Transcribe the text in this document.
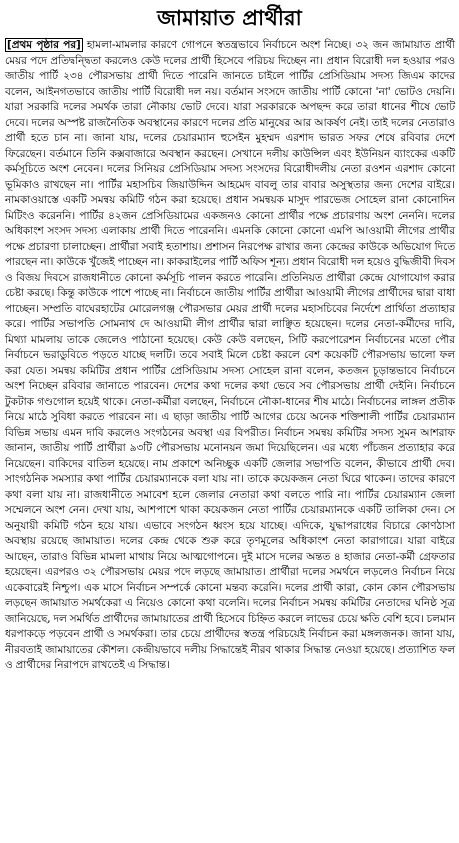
জামায়াত প্রার্থীরা
[প্রথম পৃষ্ঠার পর] হামলা-মামলার কারণে গোপনে স্বতন্ত্রভাবে নির্বাচনে অংশ নিচ্ছে। ৩২ জন জামায়াত প্রার্থী মেয়র পদে প্রতিদ্বন্দ্বিতা করলেও কেউ দলের প্রার্থী হিসেবে পরিচয় দিচ্ছেন না। প্রধান বিরোধী দল হওয়ার পরও জাতীয় পার্টি ২৩৪ পৌরসভায় প্রার্থী দিতে পারেনি জানতে চাইলে পার্টির প্রেসিডিয়াম সদস্য জিএম কাদের বলেন, আইনগতভাবে জাতীয় পার্টি বিরোধী দল নয়। বর্তমান সংসদে জাতীয় পার্টি কোনো 'না' ভোটও দেয়নি। যারা সরকারি দলের সমর্থক তারা নৌকায় ভোট দেবে। যারা সরকারকে অপছন্দ করে তারা ধানের শীষে ভোট দেবে। দলের অস্পষ্ট রাজনৈতিক অবস্থানের কারণে দলের প্রতি মানুষের আর আকর্ষণ নেই। তাই দলের নেতারাও প্রার্থী হতে চান না। জানা যায়, দলের চেয়ারম্যান হুসেইন মুহম্মদ এরশাদ ভারত সফর শেষে রবিবার দেশে ফিরেছেন। বর্তমানে তিনি কক্সবাজারে অবস্থান করছেন। সেখানে দলীয় কাউন্সিল এবং ইউনিয়ন ব্যাংকের একটি কর্মসূচিতে অংশ নেবেন। দলের সিনিয়র প্রেসিডিয়াম সদস্য সংসদের বিরোধীদলীয় নেতা রওশন এরশাদ কোনো ভূমিকাও রাখছেন না। পার্টির মহাসচিব জিয়াউদ্দিন আহমেদ বাবলু তার বাবার অসুস্থতার জন্য দেশের বাইরে। নামকাওয়াস্তে একটি সমন্বয় কমিটি গঠন করা হয়েছে। প্রধান সমন্বয়ক মাসুদ পারভেজ সোহেল রানা কোনোদিন মিটিংও করেননি। পার্টির ৪২জন প্রেসিডিয়ামের একজনও কোনো প্রার্থীর পক্ষে প্রচারণায় অংশ নেননি। দলের অধিকাংশ সংসদ সদস্য এলাকায় প্রার্থী দিতে পারেননি। এমনকি কোনো কোনো এমপি আওয়ামী লীগের প্রার্থীর পক্ষে প্রচারণা চালাচ্ছেন। প্রার্থীরা সবাই হতাশায়। প্রশাসন নিরপেক্ষ রাখার জন্য কেন্দ্রের কাউকে অভিযোগ দিতে পারছেন না। কাউকে খুঁজেই পাচ্ছেন না। কাকরাইলের পার্টি অফিস শূন্য। প্রধান বিরোধী দল হয়েও বুদ্ধিজীবী দিবস ও বিজয় দিবসে রাজধানীতে কোনো কর্মসূচি পালন করতে পারেনি। প্রতিনিয়ত প্রার্থীরা কেন্দ্রে যোগাযোগ করার চেষ্টা করছে। কিন্তু কাউকে পাশে পাচ্ছে না। নির্বাচনে জাতীয় পার্টির প্রার্থীরা আওয়ামী লীগের প্রার্থীদের দ্বারা বাধা পাচ্ছেন। সম্প্রতি বাঘেরহাটের মোরেলগঞ্জ পৌরসভার মেয়র প্রার্থী দলের মহাসচিবের নির্দেশে প্রার্থিতা প্রত্যাহার করে। পার্টির সভাপতি সোমনাথ দে আওয়ামী লীগ প্রার্থীর দ্বারা লাঞ্ছিত হয়েছেন। দলের নেতা-কর্মীদের দাবি, মিথ্যা মামলায় তাকে জেলেও পাঠানো হয়েছে। কেউ কেউ বলছেন, সিটি করপোরেশন নির্বাচনের মতো পৌর নির্বাচনে ভরাডুবিতে পড়তে যাচ্ছে দলটি। তবে সবাই মিলে চেষ্টা করলে বেশ কয়েকটি পৌরসভায় ভালো ফল করা যেত। সমন্বয় কমিটির প্রধান পার্টির প্রেসিডিয়াম সদস্য সোহেল রানা বলেন, কতজন চূড়ান্তভাবে নির্বাচনে অংশ নিচ্ছেন রবিবার জানাতে পারবেন। দেশের কথা দলের কথা ভেবে সব পৌরসভায় প্রার্থী দেইনি। নির্বাচনে টুকটাক গণ্ডগোল হয়েই থাকে। নেতা-কর্মীরা বলছেন, নির্বাচনে নৌকা-ধানের শীষ মাঠে। নির্বাচনের লাঙ্গল প্রতীক নিয়ে মাঠে সুবিধা করতে পারবেন না। এ ছাড়া জাতীয় পার্টি আগের চেয়ে অনেক শক্তিশালী পার্টির চেয়ারম্যান বিভিন্ন সভায় এমন দাবি করলেও সংগঠনের অবস্থা এর বিপরীত। নির্বাচন সমন্বয় কমিটির সদস্য সুমন আশরাফ জানান, জাতীয় পার্টি প্রার্থীরা ৯৩টি পৌরসভায় মনোনয়ন জমা দিয়েছিলেন। এর মধ্যে পাঁচজন প্রত্যাহার করে নিয়েছেন। বাকিদের বাতিল হয়েছে। নাম প্রকাশে অনিচ্ছুক একটি জেলার সভাপতি বলেন, কীভাবে প্রার্থী দেব। সাংগঠনিক সমস্যার কথা পার্টির চেয়ারম্যানকে বলা যায় না। তাকে কয়েকজন নেতা ঘিরে থাকেন। তাদের কারণে কথা বলা যায় না। রাজধানীতে সমাবেশ হলে জেলার নেতারা কথা বলতে পারি না। পার্টির চেয়ারম্যান জেলা সম্মেলনে অংশ নেন। দেখা যায়, আশপাশে থাকা কয়েকজন নেতা পার্টির চেয়ারম্যানকে একটি তালিকা দেন। সে অনুযায়ী কমিটি গঠন হয়ে যায়। এভাবে সংগঠন ধ্বংস হয়ে যাচ্ছে। এদিকে, যুদ্ধাপরাধের বিচারে কোণঠাসা অবস্থায় রয়েছে জামায়াত। দলের কেন্দ্র থেকে শুরু করে তৃণমূলের অধিকাংশ নেতা কারাগারে। যারা বাইরে আছেন, তারাও বিভিন্ন মামলা মাথায় নিয়ে আত্মগোপনে। দুই মাসে দলের অন্তত ৪ হাজার নেতা-কর্মী গ্রেফতার হয়েছেন। এরপরও ৩২ পৌরসভায় মেয়র পদে লড়ছে জামায়াত। প্রার্থীরা দলের সমর্থনে লড়লেও নির্বাচন নিয়ে একেবারেই নিশ্চুপ। এক মাসে নির্বাচন সম্পর্কে কোনো মন্তব্য করেনি। দলের প্রার্থী কারা, কোন কোন পৌরসভায় লড়ছেন জামায়াত সমর্থকেরা এ নিয়েও কোনো কথা বলেনি। দলের নির্বাচন সমন্বয় কমিটির নেতাদের ঘনিষ্ঠ সূত্র জানিয়েছে, দল সমর্থিত প্রার্থীদের জামায়াতের প্রার্থী হিসেবে চিহ্নিত করলে লাভের চেয়ে ক্ষতি বেশি হবে। চলমান ধরপাকড়ে পড়বেন প্রার্থী ও সমর্থকরা। তার চেয়ে প্রার্থীদের স্বতন্ত্র পরিচয়েই নির্বাচন করা মঙ্গলজনক। জানা যায়, নীরবতাই জামায়াতের কৌশল। কেন্দ্রীয়ভাবে দলীয় সিদ্ধান্তেই নীরব থাকার সিদ্ধান্ত নেওয়া হয়েছে। প্রত্যাশিত ফল ও প্রার্থীদের নিরাপদে রাখতেই এ সিদ্ধান্ত।
